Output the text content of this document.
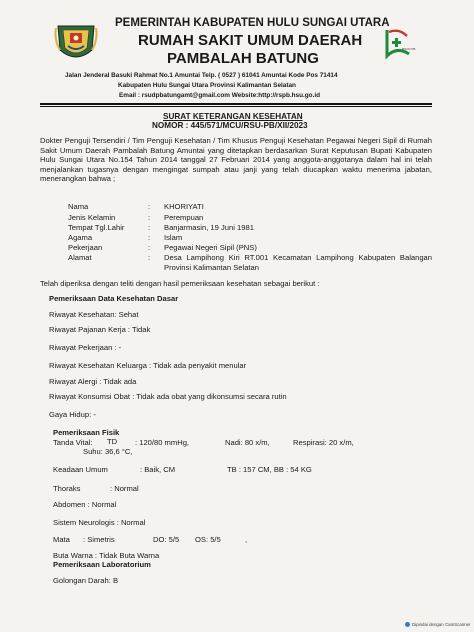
RSUD PB
PEMERINTAH KABUPATEN HULU SUNGAI UTARA
RUMAH SAKIT UMUM DAERAH
PAMBALAH BATUNG
Jalan Jenderal Basuki Rahmat No.1 Amuntai Telp. ( 0527 ) 61041 Amuntai Kode Pos 71414
Kabupaten Hulu Sungai Utara Provinsi Kalimantan Selatan
Email : rsudpbatungamt@gmail.com Website:http://rspb.hsu.go.id
SURAT KETERANGAN KESEHATAN
NOMOR : 445/571/MCU/RSU-PB/XII/2023
Dokter Penguji Tersendiri / Tim Penguji Kesehatan / Tim Khusus Penguji Kesehatan Pegawai Negeri Sipil di Rumah Sakit Umum Daerah Pambalah Batung Amuntai yang ditetapkan berdasarkan Surat Keputusan Bupati Kabupaten Hulu Sungai Utara No.154 Tahun 2014 tanggal 27 Februari 2014 yang anggota-anggotanya dalam hal ini telah menjalankan tugasnya dengan mengingat sumpah atau janji yang telah diucapkan waktu menerima jabatan, menerangkan bahwa ;
Nama	: KHORIYATI
Jenis Kelamin	: Perempuan
Tempat Tgl.Lahir	: Banjarmasin, 19 Juni 1981
Agama	: Islam
Pekerjaan	: Pegawai Negeri Sipil (PNS)
Alamat	: Desa Lampihong Kiri RT.001 Kecamatan Lampihong Kabupaten Balangan Provinsi Kalimantan Selatan
Telah diperiksa dengan teliti dengan hasil pemeriksaan kesehatan sebagai berikut :
Pemeriksaan Data Kesehatan Dasar
Riwayat Kesehatan: Sehat
Riwayat Pajanan Kerja : Tidak
Riwayat Pekerjaan : -
Riwayat Kesehatan Keluarga : Tidak ada penyakit menular
Riwayat Alergi : Tidak ada
Riwayat Konsumsi Obat : Tidak ada obat yang dikonsumsi secara rutin
Gaya Hidup: -
Pemeriksaan Fisik
Tanda Vital: TD : 120/80 mmHg,	Nadi: 80 x/m,	Respirasi: 20 x/m,
Suhu: 36,6 °C,
Keadaan Umum	: Baik, CM	TB : 157 CM, BB : 54 KG
Thoraks	: Normal
Abdomen : Normal
Sistem Neurologis : Normal
Mata : Simetris	DO: 5/5 OS: 5/5	,
Buta Warna : Tidak Buta Warna
Pemeriksaan Laboratorium
Golongan Darah: B
Dipindai dengan CamScanner
